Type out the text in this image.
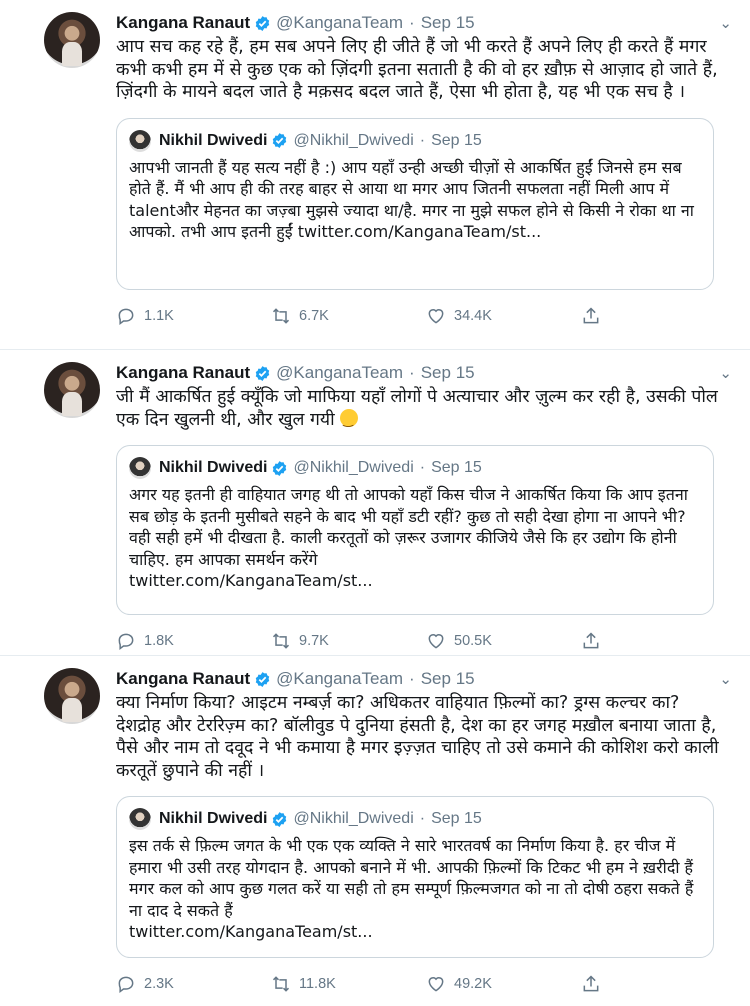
⌄
Kangana Ranaut @KanganaTeam · Sep 15
आप सच कह रहे हैं, हम सब अपने लिए ही जीते हैं जो भी करते हैं अपने लिए ही करते हैं मगर कभी कभी हम में से कुछ एक को ज़िंदगी इतना सताती है की वो हर ख़ौफ़ से आज़ाद हो जाते हैं, ज़िंदगी के मायने बदल जाते है मक़सद बदल जाते हैं, ऐसा भी होता है, यह भी एक सच है ।
Nikhil Dwivedi @Nikhil_Dwivedi · Sep 15
आपभी जानती हैं यह सत्य नहीं है :) आप यहाँ उन्ही अच्छी चीज़ों से आकर्षित हुईं जिनसे हम सब होते हैं. मैं भी आप ही की तरह बाहर से आया था मगर आप जितनी सफलता नहीं मिली आप में talentऔर मेहनत का जज़्बा मुझसे ज्यादा था/है. मगर ना मुझे सफल होने से किसी ने रोका था ना आपको. तभी आप इतनी हुईं twitter.com/KanganaTeam/st...
1.1K	6.7K	34.4K
⌄
Kangana Ranaut @KanganaTeam · Sep 15
जी मैं आकर्षित हुई क्यूँकि जो माफिया यहाँ लोगों पे अत्याचार और ज़ुल्म कर रही है, उसकी पोल एक दिन खुलनी थी, और खुल गयी ‿
Nikhil Dwivedi @Nikhil_Dwivedi · Sep 15
अगर यह इतनी ही वाहियात जगह थी तो आपको यहाँ किस चीज ने आकर्षित किया कि आप इतना सब छोड़ के इतनी मुसीबते सहने के बाद भी यहाँ डटी रहीं? कुछ तो सही देखा होगा ना आपने भी? वही सही हमें भी दीखता है. काली करतूतों को ज़रूर उजागर कीजिये जैसे कि हर उद्योग कि होनी चाहिए. हम आपका समर्थन करेंगे
twitter.com/KanganaTeam/st...
1.8K	9.7K	50.5K
⌄
Kangana Ranaut @KanganaTeam · Sep 15
क्या निर्माण किया? आइटम नम्बर्ज़ का? अधिकतर वाहियात फ़िल्मों का? ड्रग्स कल्चर का? देशद्रोह और टेररिज़्म का? बॉलीवुड पे दुनिया हंसती है, देश का हर जगह मख़ौल बनाया जाता है, पैसे और नाम तो दवूद ने भी कमाया है मगर इज़्ज़त चाहिए तो उसे कमाने की कोशिश करो काली करतूतें छुपाने की नहीं ।
Nikhil Dwivedi @Nikhil_Dwivedi · Sep 15
इस तर्क से फ़िल्म जगत के भी एक एक व्यक्ति ने सारे भारतवर्ष का निर्माण किया है. हर चीज में हमारा भी उसी तरह योगदान है. आपको बनाने में भी. आपकी फ़िल्मों कि टिकट भी हम ने ख़रीदी हैं मगर कल को आप कुछ गलत करें या सही तो हम सम्पूर्ण फ़िल्मजगत को ना तो दोषी ठहरा सकते हैं ना दाद दे सकते हैं
twitter.com/KanganaTeam/st...
2.3K	11.8K	49.2K
